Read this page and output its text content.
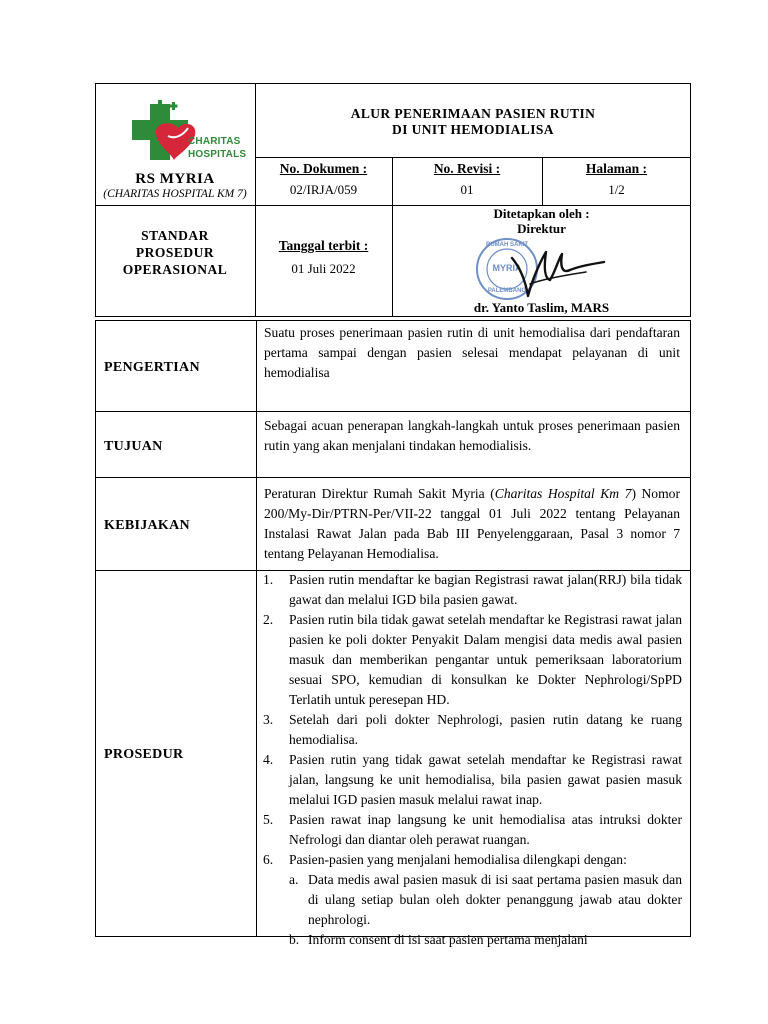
CHARITAS
HOSPITALS
RS MYRIA
(CHARITAS HOSPITAL KM 7)
ALUR PENERIMAAN PASIEN RUTIN
DI UNIT HEMODIALISA
No. Dokumen :
02/IRJA/059
No. Revisi :
01
Halaman :
1/2
STANDAR
PROSEDUR
OPERASIONAL
Tanggal terbit :
01 Juli 2022
Ditetapkan oleh :
Direktur
RUMAH SAKIT
MYRIA
PALEMBANG
dr. Yanto Taslim, MARS
PENGERTIAN
Suatu proses penerimaan pasien rutin di unit hemodialisa dari pendaftaran pertama sampai dengan pasien selesai mendapat pelayanan di unit hemodialisa
TUJUAN
Sebagai acuan penerapan langkah-langkah untuk proses penerimaan pasien rutin yang akan menjalani tindakan hemodialisis.
KEBIJAKAN
Peraturan Direktur Rumah Sakit Myria (Charitas Hospital Km 7) Nomor 200/My-Dir/PTRN-Per/VII-22 tanggal 01 Juli 2022 tentang Pelayanan Instalasi Rawat Jalan pada Bab III Penyelenggaraan, Pasal 3 nomor 7 tentang Pelayanan Hemodialisa.
PROSEDUR
1. Pasien rutin mendaftar ke bagian Registrasi rawat jalan(RRJ) bila tidak gawat dan melalui IGD bila pasien gawat.
2. Pasien rutin bila tidak gawat setelah mendaftar ke Registrasi rawat jalan pasien ke poli dokter Penyakit Dalam mengisi data medis awal pasien masuk dan memberikan pengantar untuk pemeriksaan laboratorium sesuai SPO, kemudian di konsulkan ke Dokter Nephrologi/SpPD Terlatih untuk peresepan HD.
3. Setelah dari poli dokter Nephrologi, pasien rutin datang ke ruang hemodialisa.
4. Pasien rutin yang tidak gawat setelah mendaftar ke Registrasi rawat jalan, langsung ke unit hemodialisa, bila pasien gawat pasien masuk melalui IGD pasien masuk melalui rawat inap.
5. Pasien rawat inap langsung ke unit hemodialisa atas intruksi dokter Nefrologi dan diantar oleh perawat ruangan.
6. Pasien-pasien yang menjalani hemodialisa dilengkapi dengan:
a. Data medis awal pasien masuk di isi saat pertama pasien masuk dan di ulang setiap bulan oleh dokter penanggung jawab atau dokter nephrologi.
b. Inform consent di isi saat pasien pertama menjalani
